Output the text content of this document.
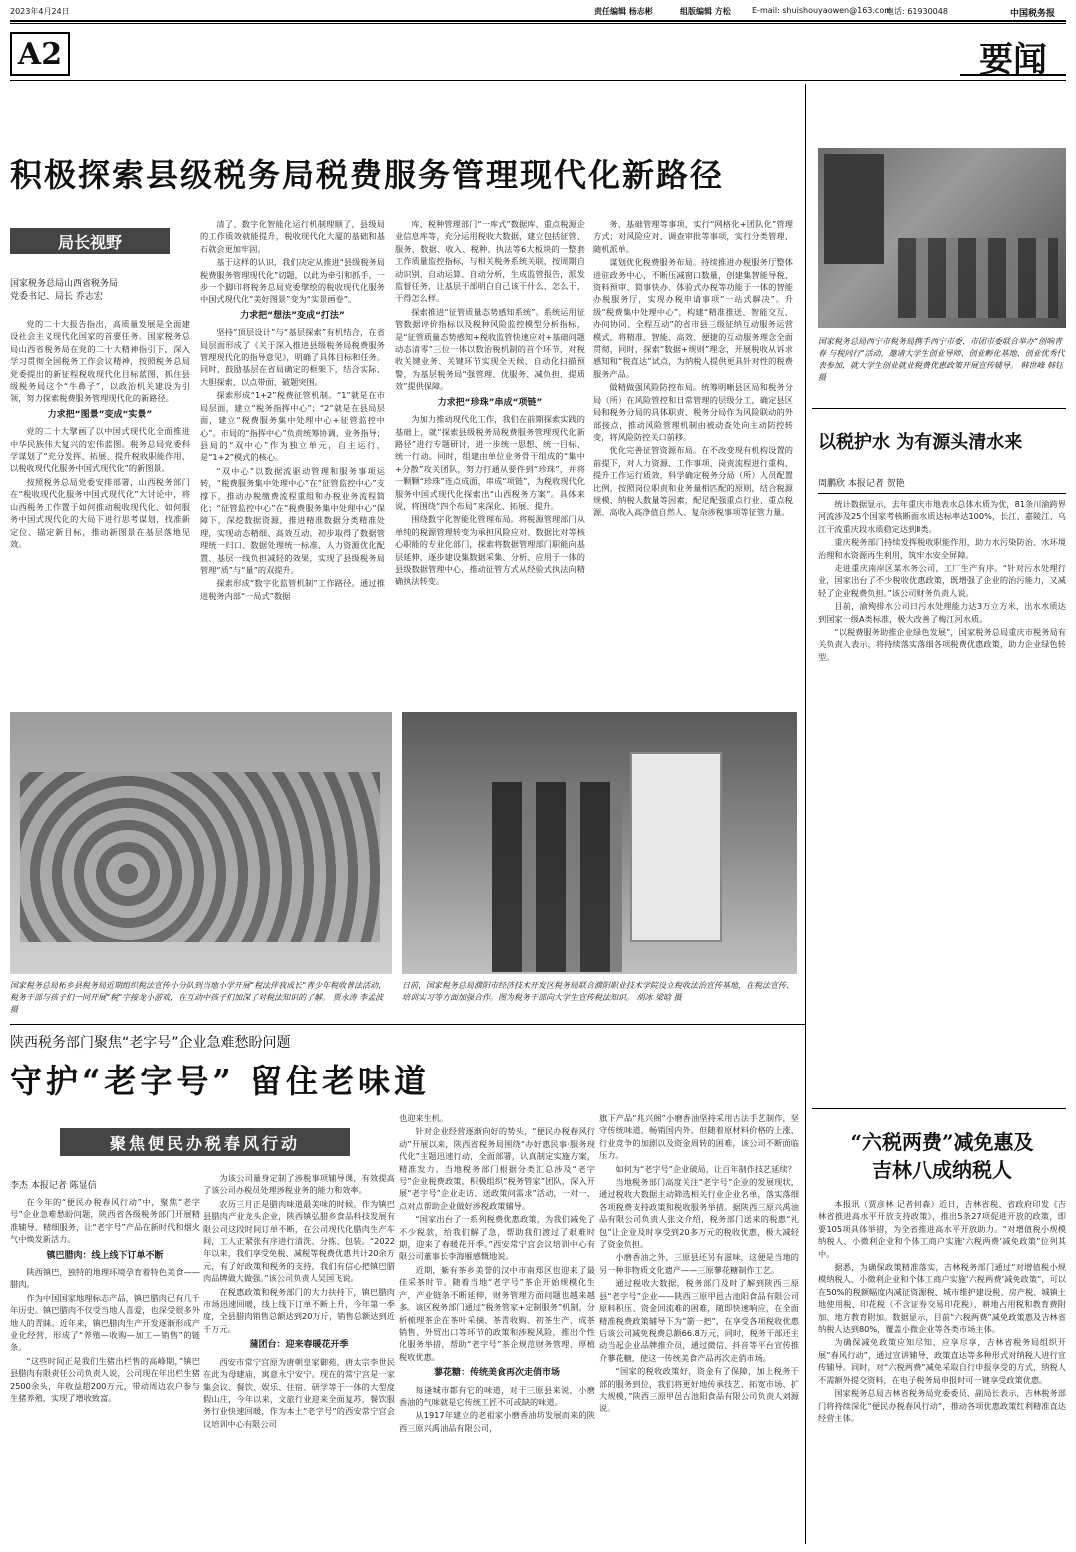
2023年4月24日	责任编辑 杨志彬	组版编辑 方松	E-mail: shuishouyaowen@163.com
电话: 61930048	中国税务报
A2	要闻
积极探索县级税务局税费服务管理现代化新路径
局长视野
国家税务总局山西省税务局
党委书记、局长 乔志宏

党的二十大报告指出，高质量发展是全面建设社会主义现代化国家的首要任务。国家税务总局山西省税务局在党的二十大精神指引下，深入学习贯彻全国税务工作会议精神，按照税务总局党委提出的新征程税收现代化目标蓝图，抓住县级税务局这个“牛鼻子”，以政治机关建设为引领，努力探索税费服务管理现代化的新路径。

力求把“图景”变成“实景”

党的二十大擘画了以中国式现代化全面推进中华民族伟大复兴的宏伟蓝图。税务总局党委科学谋划了“充分发挥、拓展、提升税收职能作用，以税收现代化服务中国式现代化”的新图景。

按照税务总局党委安排部署，山西税务部门在“税收现代化服务中国式现代化”大讨论中，将山西税务工作置于如何推动税收现代化、如何服务中国式现代化的大局下进行思考谋划，找准新定位、锚定新目标，推动新图景在基层落地见效。

清了、数字化智能化运行机制理顺了，县级局的工作质效就能提升，税收现代化大厦的基础和基石就会更加牢固。

基于这样的认识，我们决定从推进“县级税务局税费服务管理现代化”切题，以此为牵引和抓手，一步一个脚印将税务总局党委擘绘的税收现代化服务中国式现代化“美好图景”变为“实景画卷”。

力求把“想法”变成“打法”

坚持“顶层设计”与“基层探索”有机结合，在省局层面形成了《关于深入推进县级税务局税费服务管理现代化的指导意见》，明确了具体目标和任务。同时，鼓励基层在省局确定的框架下，结合实际、大胆探索，以点带面、破题突围。

探索形成“1+2”税费征管机制。“1”就是在市局层面，建立“税务指挥中心”；“2”就是在县局层面，建立“税费服务集中处理中心+征管监控中心”。市局的“指挥中心”负责统筹协调、业务指导；县局的“双中心”作为独立单元，自主运行，是“1+2”模式的核心。

“双中心”以数据流驱动管理和服务事项运转，“税费服务集中处理中心”在“征管监控中心”支撑下，推动办税缴费流程重组和办税业务流程简化；“征管监控中心”在“税费服务集中处理中心”保障下，深挖数据资源，推进精准数据分类精准处理，实现动态精细、高效互动，初步取得了数据管理统一归口、数据处理统一标准、人力资源优化配置、基层一线负担减轻的效果，实现了县级税务局管理“质”与“量”的双提升。

探索形成“数字化监管机制”工作路径。通过推进税务内部“一局式”数据

库、税种管理部门“一库式”数据库、重点税源企业信息库等，充分运用税收大数据，建立包括征管、服务、数据、收入、税种、执法等6大板块的一整套工作质量监控指标，与相关税务系统关联，按周期自动识别、自动运算、自动分析，生成监管报告，派发监督任务，让基层干部明白自己该干什么、怎么干、干得怎么样。

探索推进“征管质量态势感知系统”。系统运用征管数据评价指标以及税种风险监控模型分析指标，是“征管质量态势感知+税收监管快速应对+基础问题动态清零”三位一体以数治税机制的首个环节，对税收关键业务、关键环节实现全天候、自动化扫描预警，为基层税务局“强管理、优服务、减负担、提质效”提供保障。

力求把“珍珠”串成“项链”

为加力推动现代化工作，我们在前期探索实践的基础上，就“探索县级税务局税费服务管理现代化新路径”进行专题研讨，进一步统一思想、统一目标、统一行动。同时，组建由单位业务骨干组成的“集中+分散”攻关团队，努力打通从要件到“珍珠”，并将一颗颗“珍珠”连点成面，串成“项链”，为税收现代化服务中国式现代化探索出“山西税务方案”。具体来说，将围绕“四个布局”来深化、拓展、提升。

围绕数字化智能化管理布局。将税源管理部门从单纯的税源管理转变为承担风险应对、数据比对等核心职能的专业化部门，探索将数据管理部门职能向基层延伸，逐步建设集数据采集、分析、应用于一体的县级数据管理中心，推动征管方式从经验式执法向精确执法转变。

务、基础管理等事项，实行“网格化+团队化”管理方式；对风险应对、调查审批等事项，实行分类管理、随机派单。

谋划优化税费服务布局。持续推进办税服务厅整体进驻政务中心，不断压减窗口数量，创建集智能导税、资料预审、简事快办、体验式办税等功能于一体的智能办税服务厅，实现办税申请事项“一站式解决”。升级“税费集中处理中心”，构建“精准推送、智能交互、办问协同、全程互动”的省市县三级征纳互动服务运营模式，将精准、智能、高效、便捷的互动服务理念全面贯彻，同时，探索“数据+规则”理念，开展税收从诉求感知和“税直达”试点，为纳税人提供更具针对性的税费服务产品。

做精做强风险防控布局。统筹明晰县区局和税务分局（所）在风险管控和日常管理的层级分工，确定县区局和税务分局的具体职责、税务分局作为风险联动的外部接点，推动风险管理机制由被动查处向主动防控转变，将风险防控关口前移。

优化完善征管资源布局。在不改变现有机构设置的前提下，对人力资源、工作事项、岗责流程进行重构，提升工作运行质效，科学确定税务分局（所）人员配置比例，按照岗位职责和业务量相匹配的原则，结合税源规模、纳税人数量等因素，配足配强重点行业、重点税源、高收入高净值自然人、复杂涉税事项等征管力量。

国家税务总局西宁市税务局携手西宁市委、市团市委联合举办“创响青春 与税同行”活动，邀请大学生创业导师、创业孵化基地、创业优秀代表参加，就大学生创业就业税费优惠政策开展宣传辅导。 韩世峰 韩钰 摄
以税护水 为有源头清水来
周鹏欣 本报记者 贺艳

统计数据显示，去年重庆市地表水总体水质为优，81条川渝跨界河流涉及25个国家考核断面水质达标率达100%，长江、嘉陵江、乌江干流重庆段水质稳定达到Ⅱ类。

重庆税务部门持续发挥税收职能作用，助力水污染防治、水环境治理和水资源再生利用，筑牢水安全屏障。

走进重庆南岸区某水务公司，工厂生产有序。“针对污水处理行业，国家出台了不少税收优惠政策，既增强了企业的治污能力，又减轻了企业税费负担。”该公司财务负责人说。

目前，渝殉排水公司日污水处理能力达3万立方米，出水水质达到国家一级A类标准，极大改善了梅江河水质。

“以税费服务助推企业绿色发展”，国家税务总局重庆市税务局有关负责人表示，将持续落实落细各项税费优惠政策，助力企业绿色转型。

“六税两费”减免惠及
吉林八成纳税人

本报讯（贾彦林 记者何森）近日，吉林省税、省政府印发《吉林省推进高水平开放支持政策》，推出5条27项促进开放的政策，即要105项具体举措，为全省推进高水平开放助力。“对增值税小规模纳税人、小微利企业和个体工商户实施‘六税两费’减免政策”位列其中。

据悉，为确保政策精准落实，吉林税务部门通过“对增值税小规模纳税人、小微利企业和个体工商户实施‘六税两费’减免政策”，可以在50%的税额幅度内减征资源税、城市维护建设税、房产税、城镇土地使用税、印花税（不含证券交易印花税）、耕地占用税和教育费附加、地方教育附加。数据显示，目前“六税两费”减免政策惠及吉林省纳税人达到80%，覆盖小微企业等各类市场主体。

为确保减免政策应知尽知、应享尽享，吉林省税务局组织开展“春风行动”，通过宣讲辅导、政策直达等多种形式对纳税人进行宣传辅导。同时，对“六税两费”减免采取自行申报享受的方式，纳税人不需额外提交资料，在电子税务局申报时可一键享受政策优惠。

国家税务总局吉林省税务局党委委员、副局长表示，吉林税务部门将持续深化“便民办税春风行动”，推动各项优惠政策红利精准直达经营主体。

国家税务总局柘乡县税务局近期组织税法宣传小分队到当地小学开展“税法伴我成长”青少年税收普法活动，税务干部与孩子们一同开展“税”字接龙小游戏，在互动中孩子们加深了对税法知识的了解。 贾永涛 李孟波 摄
日前，国家税务总局濮阳市经济技术开发区税务局联合濮阳职业技术学院设立税收法治宣传基地，在税法宣传、培训实习等方面加强合作。图为税务干部向大学生宣传税法知识。 胡冰 梁晗 摄
陕西税务部门聚焦“老字号”企业急难愁盼问题
守护“老字号” 留住老味道
聚焦便民办税春风行动
李杰 本报记者 陈显信

在今年的“便民办税春风行动”中，聚焦“老字号”企业急难愁盼问题，陕西省各级税务部门开展精准辅导、精细服务，让“老字号”产品在新时代和烟火气中焕发新活力。

镇巴腊肉：线上线下订单不断

陕西镇巴，独特的地理环境孕育着特色美食——腊肉。

作为中国国家地理标志产品，镇巴腊肉已有几千年历史。镇巴腊肉不仅受当地人喜爱，也深受很多外地人的青睐。近年来，镇巴腊肉生产开发逐渐形成产业化经营，形成了“养殖—收购—加工—销售”的链条。

“这些时间正是我们生猪出栏售的高峰期，”镇巴县腊肉有限责任公司负责人说，公司现在年出栏生猪2500余头，年收益超200万元，带动周边农户参与生猪养殖，实现了增收致富。

为该公司量身定制了涉税事项辅导课，有效提高了该公司办税员处理涉税业务的能力和效率。

农历三月正是腊肉味道最美味的时候。作为镇巴县腊肉产业龙头企业，陕西镇弘腊乡食品科技发展有限公司这段时间订单不断，在公司现代化腊肉生产车间，工人正紧张有序进行清洗、分拣、包装。“2022年以来，我们享受免税、减税等税费优惠共计20余万元，有了好政策和税务的支持，我们有信心把镇巴腊肉品牌做大做强。”该公司负责人吴国飞说。

在税惠政策和税务部门的大力扶持下，镇巴腊肉市场迅速回暖，线上线下订单不断上升，今年第一季度，全县腊肉销售总额达到20万斤，销售总额达到近千万元。

蒲团台：迎来春暖花开季

西安市常宁宫原为唐朝皇家御苑，唐太宗李世民在此为母建庙，寓意永宁安宁。现在的常宁宫是一家集会议、餐饮、娱乐、住宿、研学等于一体的大型度假山庄，今年以来，文旅行业迎来全面复苏，餐饮服务行业快速回暖，作为本土“老字号”的西安常宁宫会议培训中心有限公司

也迎来生机。

针对企业经营逐渐向好的势头，“便民办税春风行动”开展以来，陕西省税务局围绕“办好惠民事·服务现代化”主题迅速行动，全面部署，认真制定实施方案，精准发力。当地税务部门根据分类汇总涉及“老字号”企业税费政策，积极组织“税务管家”团队，深入开展“老字号”企业走访、送政策问需求”活动，一对一、点对点帮助企业做好涉税政策辅导。

“国家出台了一系列税费优惠政策，为我们减免了不少税款，给我们解了急，帮助我们渡过了艰难时期，迎来了春暖花开季。”西安常宁宫会议培训中心有限公司董事长李海雁感慨地说。

近期，紫有茶乡美誉的汉中市南郑区也迎来了最佳采茶时节。随着当地“老字号”茶企开始规模化生产，产业链条不断延伸，财务管理方面问题也越来越多。该区税务部门通过“税务管家+定制服务”机制，分析梳理茶企在茶叶采摘、茶青收购、初茶生产、成茶销售、外贸出口等环节的政策和涉税风险，推出个性化服务举措，帮助“老字号”茶企规范财务管理、厚植税收优惠。

蓼花糖：传统美食再次走俏市场

每逢城市都有它的味道，对于三原县来说，小磨香油的气味就是它传统工匠不可或缺的味道。

从1917年建立的老祖家小磨香油坊发展而来的陕西三原兴禹油品有限公司，

旗下产品“兆兴阁”小磨香油坚持采用古法手艺制作，坚守传统味道，畅销国内外。但随着原材料价格的上涨、行业竞争的加剧以及资金周转的困难，该公司不断面临压力。

如何为“老字号”企业破局，让百年制作技艺延续？

当地税务部门高度关注“老字号”企业的发展现状，通过税收大数据主动筛选相关行业企业名单，落实落细各项税费支持政策和税收服务举措。据陕西三原兴禹油品有限公司负责人张文介绍，税务部门送来的税惠“礼包”让企业及时享受到20多万元的税收优惠，极大减轻了资金负担。

小磨香油之外，三原县还另有滋味，这便是当地的另一种非物质文化遗产——三原蓼花糖制作工艺。

通过税收大数据，税务部门及时了解到陕西三原县“老字号”企业——陕西三原甲邑古池阳食品有限公司原料积压、资金回流难的困难，随即快速响应，在全面精准税费政策辅导下为“箭一把”，在享受各项税收优惠后该公司减免税费总额66.8万元，同时，税务干部还主动当起企业品牌推介员，通过微信、抖音等平台宣传推介蓼花糖，使这一传统美食产品再次走俏市场。

“国家的税收政策好，资金有了保障，加上税务干部的服务到位，我们将更好地传承技艺、拓宽市场、扩大规模，”陕西三原甲邑古池阳食品有限公司负责人刘源说。
